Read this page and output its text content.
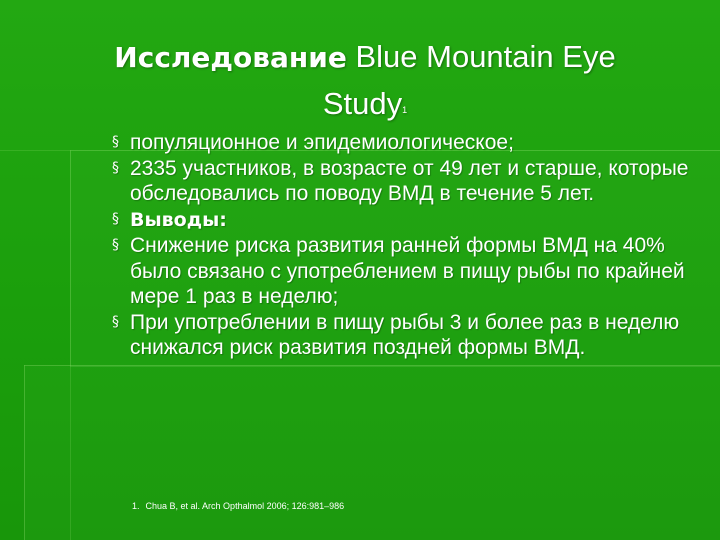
Исследование Blue Mountain Eye
Study$^1$
§ популяционное и эпидемиологическое;
§ 2335 участников, в возрасте от 49 лет и старше, которые обследовались по поводу ВМД в течение 5 лет.
§ Выводы:
§ Снижение риска развития ранней формы ВМД на 40% было связано с употреблением в пищу рыбы по крайней мере 1 раз в неделю;
§ При употреблении в пищу рыбы 3 и более раз в неделю снижался риск развития поздней формы ВМД.
1. Chua B, et al. Arch Opthalmol 2006; 126:981–986
